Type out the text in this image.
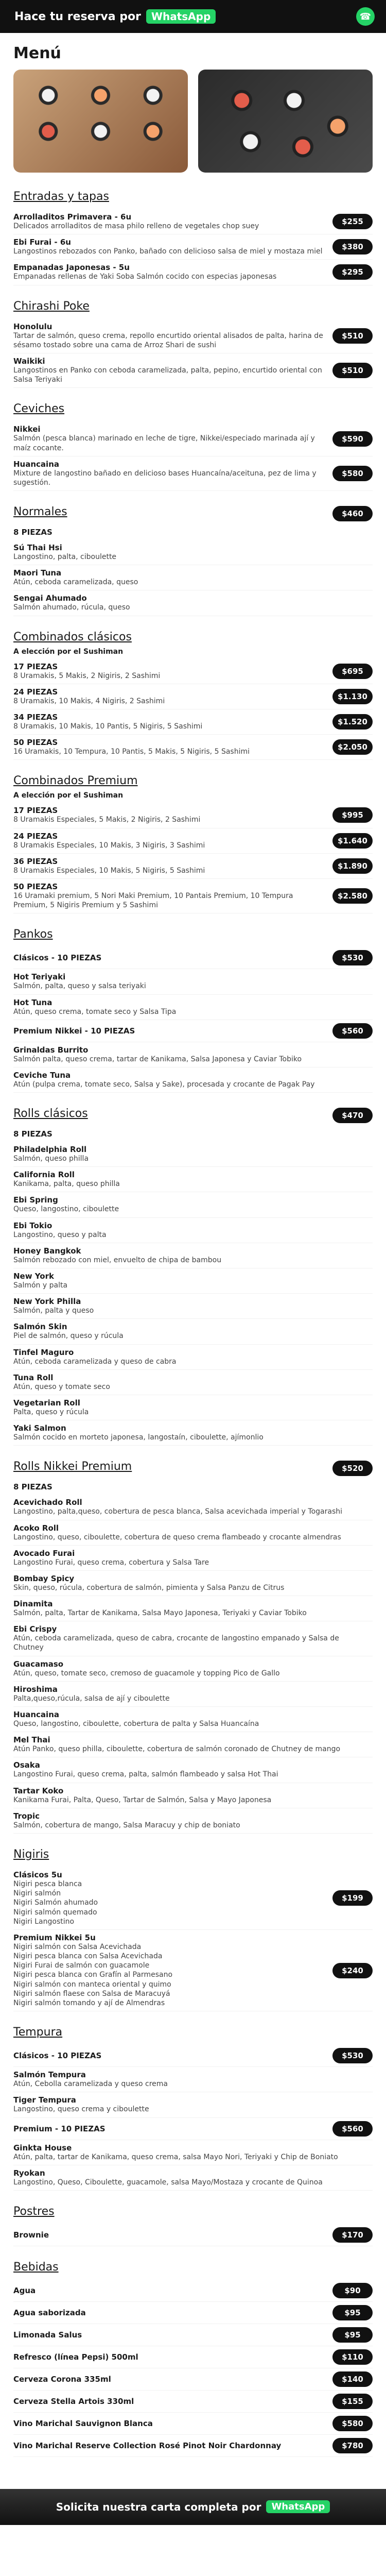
Hace tu reserva por	WhatsApp	☎
Menú
Entradas y tapas
Arrolladitos Primavera - 6u
Delicados arrolladitos de masa philo relleno de vegetales chop suey	$255
Ebi Furai - 6u
Langostinos rebozados con Panko, bañado con delicioso salsa de miel y mostaza miel	$380
Empanadas Japonesas - 5u
Empanadas rellenas de Yaki Soba Salmón cocido con especias japonesas	$295
Chirashi Poke
Honolulu
Tartar de salmón, queso crema, repollo encurtido oriental alisados de palta, harina de sésamo tostado sobre una cama de Arroz Shari de sushi
$510
Waikiki
Langostinos en Panko con ceboda caramelizada, palta, pepino, encurtido oriental con Salsa Teriyaki
$510
Ceviches
Nikkei
Salmón (pesca blanca) marinado en leche de tigre, Nikkei/especiado marinada ají y maíz cocante.
$590
Huancaina
Mixture de langostino bañado en delicioso bases Huancaína/aceituna, pez de lima y sugestión.
$580
Normales	$460
8 PIEZAS
Sú Thai Hsi
Langostino, palta, ciboulette
Maori Tuna
Atún, ceboda caramelizada, queso
Sengai Ahumado
Salmón ahumado, rúcula, queso
Combinados clásicos
A elección por el Sushiman
17 PIEZAS
8 Uramakis, 5 Makis, 2 Nigiris, 2 Sashimi	$695
24 PIEZAS
8 Uramakis, 10 Makis, 4 Nigiris, 2 Sashimi	$1.130
34 PIEZAS
8 Uramakis, 10 Makis, 10 Pantis, 5 Nigiris, 5 Sashimi	$1.520
50 PIEZAS
16 Uramakis, 10 Tempura, 10 Pantis, 5 Makis, 5 Nigiris, 5 Sashimi	$2.050
Combinados Premium
A elección por el Sushiman
17 PIEZAS
8 Uramakis Especiales, 5 Makis, 2 Nigiris, 2 Sashimi	$995
24 PIEZAS
8 Uramakis Especiales, 10 Makis, 3 Nigiris, 3 Sashimi	$1.640
36 PIEZAS
8 Uramakis Especiales, 10 Makis, 5 Nigiris, 5 Sashimi	$1.890
50 PIEZAS
16 Uramaki premium, 5 Nori Maki Premium, 10 Pantais Premium, 10 Tempura Premium, 5 Nigiris Premium y 5 Sashimi
$2.580
Pankos
Clásicos - 10 PIEZAS	$530
Hot Teriyaki
Salmón, palta, queso y salsa teriyaki
Hot Tuna
Atún, queso crema, tomate seco y Salsa Tipa
Premium Nikkei - 10 PIEZAS	$560
Grinaldas Burrito
Salmón palta, queso crema, tartar de Kanikama, Salsa Japonesa y Caviar Tobiko
Ceviche Tuna
Atún (pulpa crema, tomate seco, Salsa y Sake), procesada y crocante de Pagak Pay
Rolls clásicos	$470
8 PIEZAS
Philadelphia Roll
Salmón, queso philla
California Roll
Kanikama, palta, queso philla
Ebi Spring
Queso, langostino, ciboulette
Ebi Tokio
Langostino, queso y palta
Honey Bangkok
Salmón rebozado con miel, envuelto de chipa de bambou
New York
Salmón y palta
New York Philla
Salmón, palta y queso
Salmón Skin
Piel de salmón, queso y rúcula
Tinfel Maguro
Atún, ceboda caramelizada y queso de cabra
Tuna Roll
Atún, queso y tomate seco
Vegetarian Roll
Palta, queso y rúcula
Yaki Salmon
Salmón cocido en morteto japonesa, langostaín, ciboulette, ajímonlio
Rolls Nikkei Premium	$520
8 PIEZAS
Acevichado Roll
Langostino, palta,queso, cobertura de pesca blanca, Salsa acevichada imperial y Togarashi
Acoko Roll
Langostino, queso, ciboulette, cobertura de queso crema flambeado y crocante almendras
Avocado Furai
Langostino Furai, queso crema, cobertura y Salsa Tare
Bombay Spicy
Skin, queso, rúcula, cobertura de salmón, pimienta y Salsa Panzu de Citrus
Dinamita
Salmón, palta, Tartar de Kanikama, Salsa Mayo Japonesa, Teriyaki y Caviar Tobiko
Ebi Crispy
Atún, ceboda caramelizada, queso de cabra, crocante de langostino empanado y Salsa de Chutney
Guacamaso
Atún, queso, tomate seco, cremoso de guacamole y topping Pico de Gallo
Hiroshima
Palta,queso,rúcula, salsa de ají y ciboulette
Huancaina
Queso, langostino, ciboulette, cobertura de palta y Salsa Huancaína
Mel Thai
Atún Panko, queso philla, ciboulette, cobertura de salmón coronado de Chutney de mango
Osaka
Langostino Furai, queso crema, palta, salmón flambeado y salsa Hot Thai
Tartar Koko
Kanikama Furai, Palta, Queso, Tartar de Salmón, Salsa y Mayo Japonesa
Tropic
Salmón, cobertura de mango, Salsa Maracuy y chip de boniato
Nigiris
Clásicos 5u
Nigiri pesca blanca
Nigiri salmón
Nigiri Salmón ahumado
Nigiri salmón quemado
Nigiri Langostino
$199
Premium Nikkei 5u
Nigiri salmón con Salsa Acevichada
Nigiri pesca blanca con Salsa Acevichada
Nigiri Furai de salmón con guacamole
Nigiri pesca blanca con Grafín al Parmesano
Nigiri salmón con manteca oriental y quimo
Nigiri salmón flaese con Salsa de Maracuyá
Nigiri salmón tomando y ají de Almendras
$240
Tempura
Clásicos - 10 PIEZAS	$530
Salmón Tempura
Atún, Cebolla caramelizada y queso crema
Tiger Tempura
Langostino, queso crema y ciboulette
Premium - 10 PIEZAS	$560
Ginkta House
Atún, palta, tartar de Kanikama, queso crema, salsa Mayo Nori, Teriyaki y Chip de Boniato
Ryokan
Langostino, Queso, Ciboulette, guacamole, salsa Mayo/Mostaza y crocante de Quinoa
Postres
Brownie	$170
Bebidas
Agua	$90
Agua saborizada	$95
Limonada Salus	$95
Refresco (línea Pepsi) 500ml	$110
Cerveza Corona 335ml	$140
Cerveza Stella Artois 330ml	$155
Vino Marichal Sauvignon Blanca	$580
Vino Marichal Reserve Collection Rosé Pinot Noir Chardonnay	$780
Solicita nuestra carta completa por	WhatsApp
